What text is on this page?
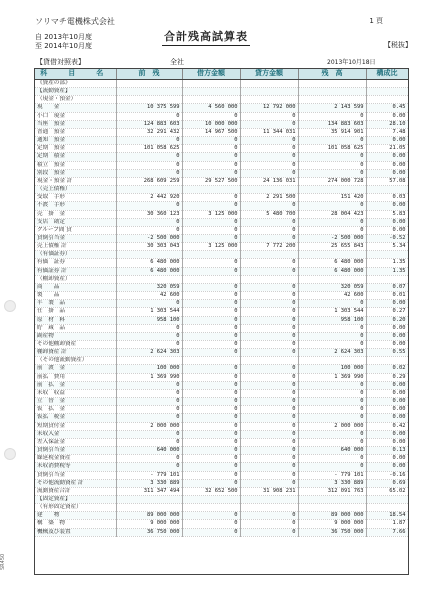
ソリマチ電機株式会社	1 頁
合計残高試算表
自 2013年10月度
至 2014年10月度	【税抜】
【貸借対照表】	全社	2013年10月18日
科　目　名	前　残	借方金額	貸方金額	残　高	構成比
《資産の部》					
【流動資産】					
（現金・預金）					
現　　金	10 375 599	4 560 000	12 792 000	2 143 599	0.45
小口　現金	0	0	0	0	0.00
当座　預金	124 883 603	10 000 000	0	134 883 603	28.10
普通　預金	32 291 432	14 967 500	11 344 031	35 914 901	7.48
通知　預金	0	0	0	0	0.00
定期　預金	101 058 625	0	0	101 058 625	21.05
定期　積金	0	0	0	0	0.00
積立　預金	0	0	0	0	0.00
別段　預金	0	0	0	0	0.00
現金・預金 計	268 609 259	29 527 500	24 136 031	274 000 728	57.08
（売上債権）					
受取　手形	2 442 920	0	2 291 500	151 420	0.03
不渡　手形	0	0	0	0	0.00
売　掛　金	30 360 123	3 125 000	5 480 700	28 004 423	5.83
支店　勘定	0	0	0	0	0.00
グループ間 貸	0	0	0	0	0.00
貸倒引当金	-2 500 000	0	0	-2 500 000	-0.52
売上債権 計	30 303 043	3 125 000	7 772 200	25 655 843	5.34
（有価証券）					
有価　証券	6 480 000	0	0	6 480 000	1.35
有価証券 計	6 480 000	0	0	6 480 000	1.35
（棚卸資産）					
商　　品	320 059	0	0	320 059	0.07
製　　品	42 600	0	0	42 600	0.01
半　製　品	0	0	0	0	0.00
仕　掛　品	1 303 544	0	0	1 303 544	0.27
原　材　料	958 100	0	0	958 100	0.20
貯　蔵　品	0	0	0	0	0.00
副産物	0	0	0	0	0.00
その他棚卸資産	0	0	0	0	0.00
棚卸資産 計	2 624 303	0	0	2 624 303	0.55
（その他流動資産）					
前　渡　金	100 000	0	0	100 000	0.02
前払　費用	1 369 990	0	0	1 369 990	0.29
前　払　金	0	0	0	0	0.00
未収　収益	0	0	0	0	0.00
立　替　金	0	0	0	0	0.00
仮　払　金	0	0	0	0	0.00
仮払　税金	0	0	0	0	0.00
短期貸付金	2 000 000	0	0	2 000 000	0.42
未収入金	0	0	0	0	0.00
差入保証金	0	0	0	0	0.00
貸倒引当金	640 000	0	0	640 000	0.13
繰延税金資産	0	0	0	0	0.00
未収消費税等	0	0	0	0	0.00
貸倒引当金	- 779 101	0	0	- 779 101	-0.16
その他流動資産 計	3 330 889	0	0	3 330 889	0.69
流動資産合計	311 347 494	32 652 500	31 908 231	312 091 763	65.02
【固定資産】					
（有形固定資産）					
建　　物	89 000 000	0	0	89 000 000	18.54
構　築　物	9 000 000	0	0	9 000 000	1.87
機械及び装置	36 750 000	0	0	36 750 000	7.66
SR450
